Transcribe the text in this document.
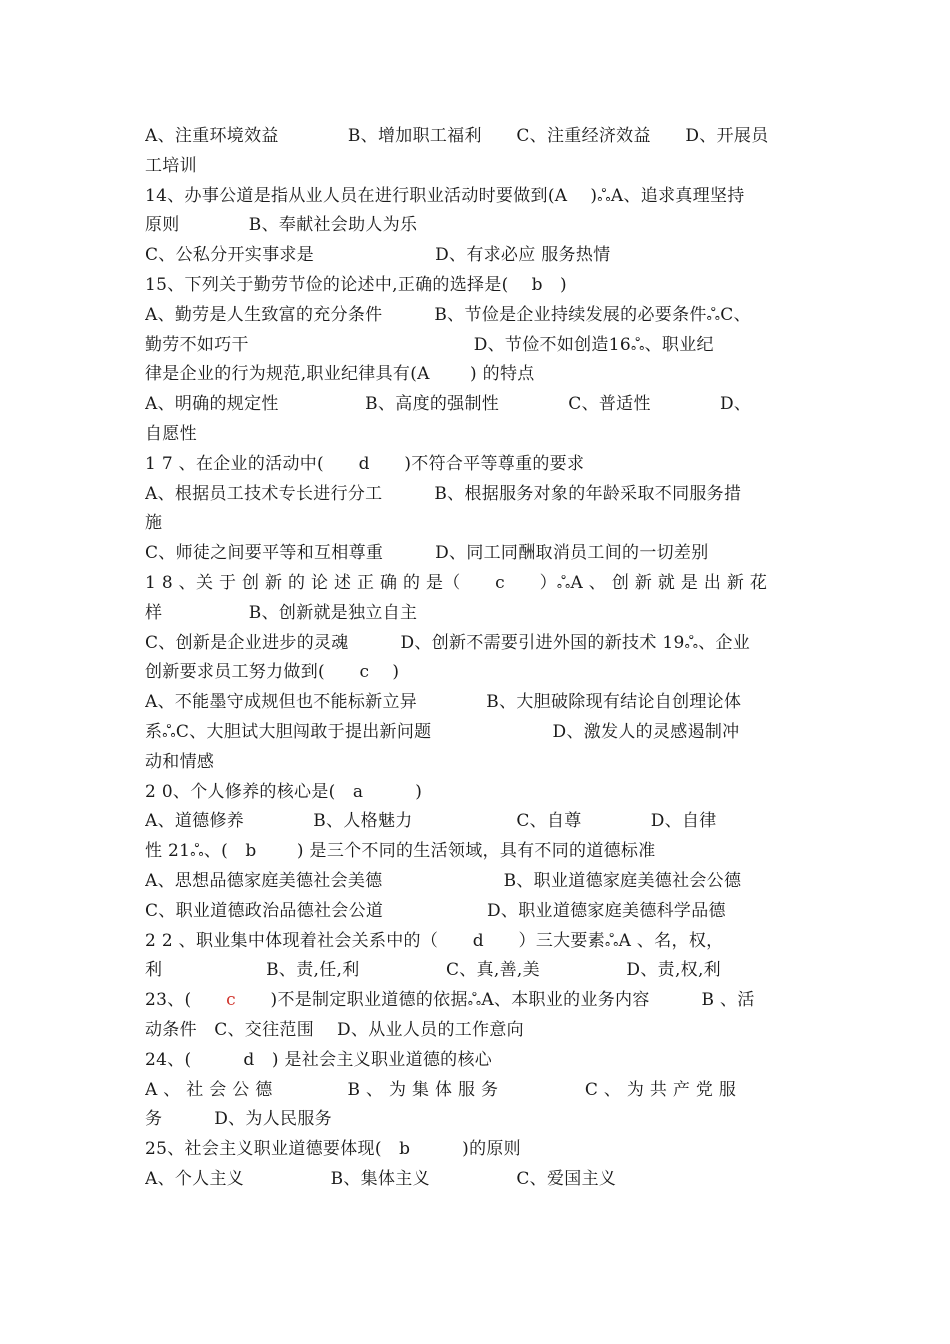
A、注重环境效益　　　　B、增加职工福利　　C、注重经济效益　　D、开展员
工培训
14、办事公道是指从业人员在进行职业活动时要做到(A　 )ஃA、追求真理坚持
原则　　　　B、奉献社会助人为乐
C、公私分开实事求是　　　　　　　D、有求必应 服务热情
15、下列关于勤劳节俭的论述中,正确的选择是(　 b　)
A、勤劳是人生致富的充分条件　　　B、节俭是企业持续发展的必要条件ஃC、
勤劳不如巧干　　　　　　　　　　　　　D、节俭不如创造16ஃ、职业纪
律是企业的行为规范,职业纪律具有(A　　 ) 的特点
A、明确的规定性　　　　　B、高度的强制性　　　　C、普适性　　　　D、
自愿性
1 7 、在企业的活动中(　　d　　)不符合平等尊重的要求
A、根据员工技术专长进行分工　　　B、根据服务对象的年龄采取不同服务措
施
C、师徒之间要平等和互相尊重　　　D、同工同酬取消员工间的一切差别
1 8 、关 于 创 新 的 论 述 正 确 的 是（　　c　　）ஃA 、 创 新 就 是 出 新 花
样　　　　　B、创新就是独立自主
C、创新是企业进步的灵魂　　　D、创新不需要引进外国的新技术 19ஃ、企业
创新要求员工努力做到(　　c　 )
A、不能墨守成规但也不能标新立异　　　　B、大胆破除现有结论自创理论体
系ஃC、大胆试大胆闯敢于提出新问题　　　　　　　D、激发人的灵感遏制冲
动和情感
2 0、个人修养的核心是(　a　　　)
A、道德修养　　　　B、人格魅力　　　　　　C、自尊　　　　D、自律
性 21ஃ、(　b　　 ) 是三个不同的生活领域，具有不同的道德标准
A、思想品德家庭美德社会美德　　　　　　　B、职业道德家庭美德社会公德
C、职业道德政治品德社会公道　　　　　　D、职业道德家庭美德科学品德
2 2 、职业集中体现着社会关系中的（　　d　　）三大要素ஃA 、名，权，
利　　　　　　B、责,任,利　　　　　C、真,善,美　　　　　D、责,权,利
23、(　　c　　)不是制定职业道德的依据ஃA、本职业的业务内容　　　B 、活
动条件　C、交往范围　 D、从业人员的工作意向
24、(　　　d　) 是社会主义职业道德的核心
A 、 社 会 公 德　　　　 B 、 为 集 体 服 务　　　　　C 、 为 共 产 党 服
务　　　D、为人民服务
25、社会主义职业道德要体现(　b　　　)的原则
A、个人主义　　　　　B、集体主义　　　　　C、爱国主义
